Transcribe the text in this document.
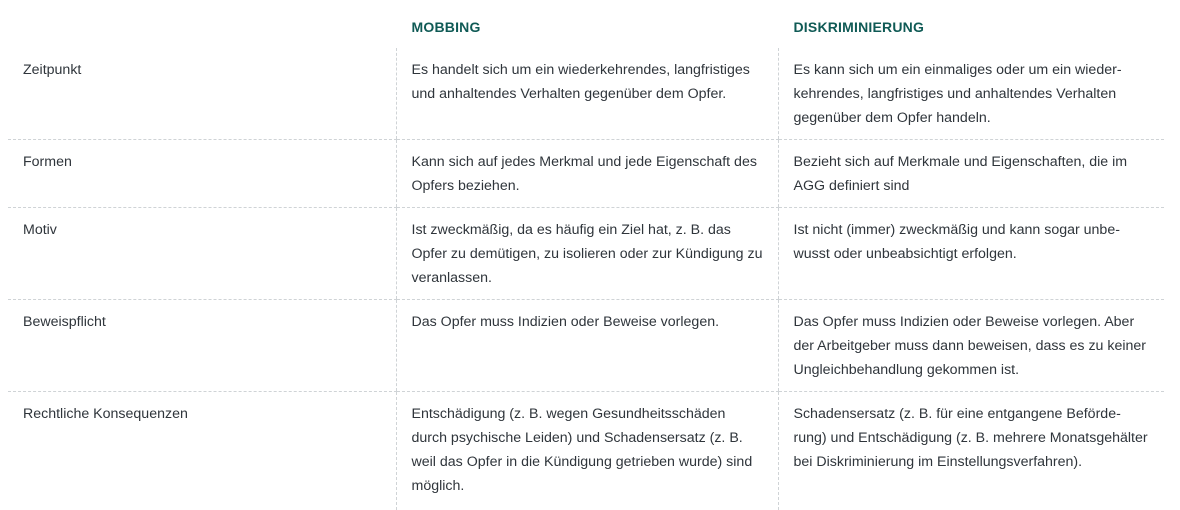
	MOBBING	DISKRIMINIERUNG
Zeitpunkt	Es handelt sich um ein wiederkehrendes, langfristiges und anhaltendes Verhalten gegenüber dem Opfer.	Es kann sich um ein einmaliges oder um ein wiederkehrendes, langfristiges und anhaltendes Verhalten gegenüber dem Opfer handeln.
Formen	Kann sich auf jedes Merkmal und jede Eigenschaft des Opfers beziehen.	Bezieht sich auf Merkmale und Eigenschaften, die im AGG definiert sind
Motiv	Ist zweckmäßig, da es häufig ein Ziel hat, z. B. das Opfer zu demütigen, zu isolieren oder zur Kündigung zu veranlassen.	Ist nicht (immer) zweckmäßig und kann sogar unbewusst oder unbeabsichtigt erfolgen.
Beweispflicht	Das Opfer muss Indizien oder Beweise vorlegen.	Das Opfer muss Indizien oder Beweise vorlegen. Aber der Arbeitgeber muss dann beweisen, dass es zu keiner Ungleichbehandlung gekommen ist.
Rechtliche Konsequenzen	Entschädigung (z. B. wegen Gesundheitsschäden durch psychische Leiden) und Schadensersatz (z. B. weil das Opfer in die Kündigung getrieben wurde) sind möglich.	Schadensersatz (z. B. für eine entgangene Beförderung) und Entschädigung (z. B. mehrere Monatsgehälter bei Diskriminierung im Einstellungsverfahren).
